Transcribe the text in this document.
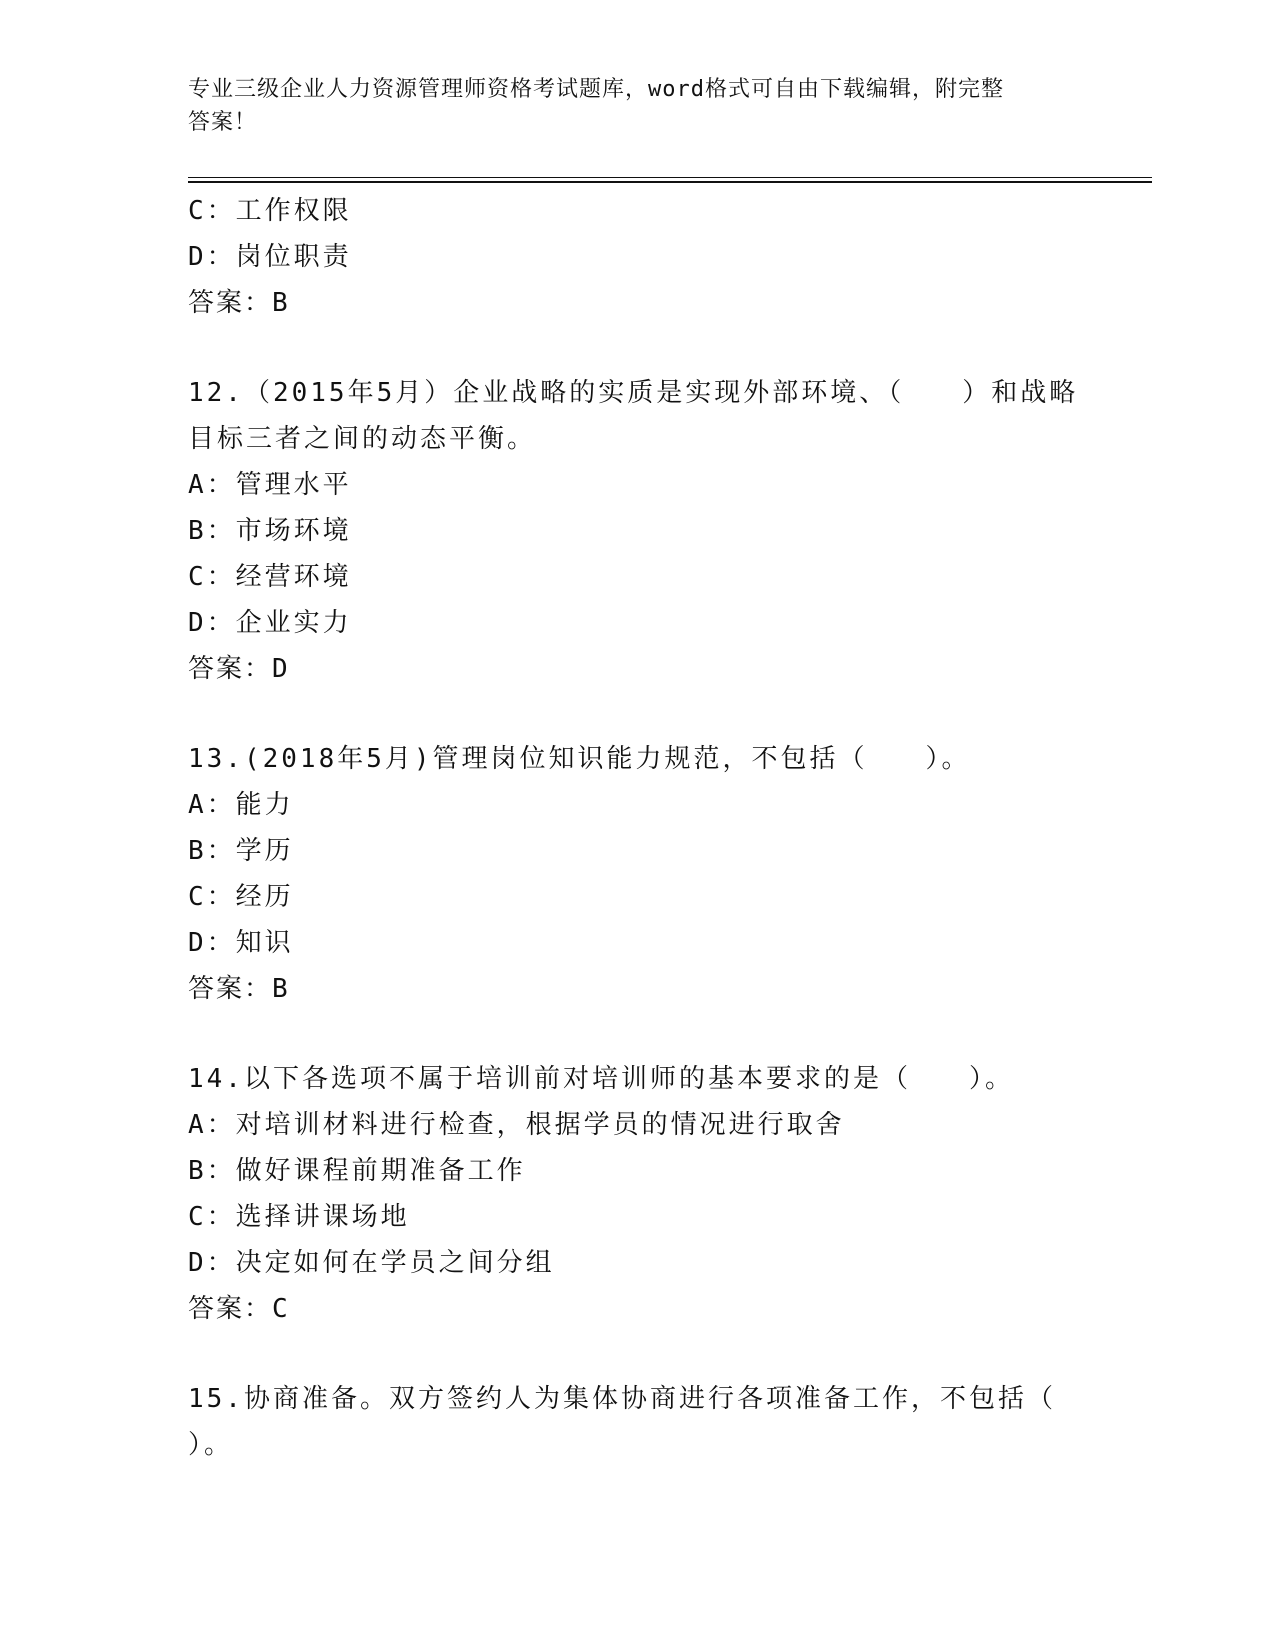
专业三级企业人力资源管理师资格考试题库，word格式可自由下载编辑，附完整
答案！
C：工作权限
D：岗位职责
答案：B
12.（2015年5月）企业战略的实质是实现外部环境、（　　）和战略
目标三者之间的动态平衡。
A：管理水平
B：市场环境
C：经营环境
D：企业实力
答案：D
13.(2018年5月)管理岗位知识能力规范，不包括（　　）。
A：能力
B：学历
C：经历
D：知识
答案：B
14.以下各选项不属于培训前对培训师的基本要求的是（　　）。
A：对培训材料进行检查，根据学员的情况进行取舍
B：做好课程前期准备工作
C：选择讲课场地
D：决定如何在学员之间分组
答案：C
15.协商准备。双方签约人为集体协商进行各项准备工作，不包括（
）。
